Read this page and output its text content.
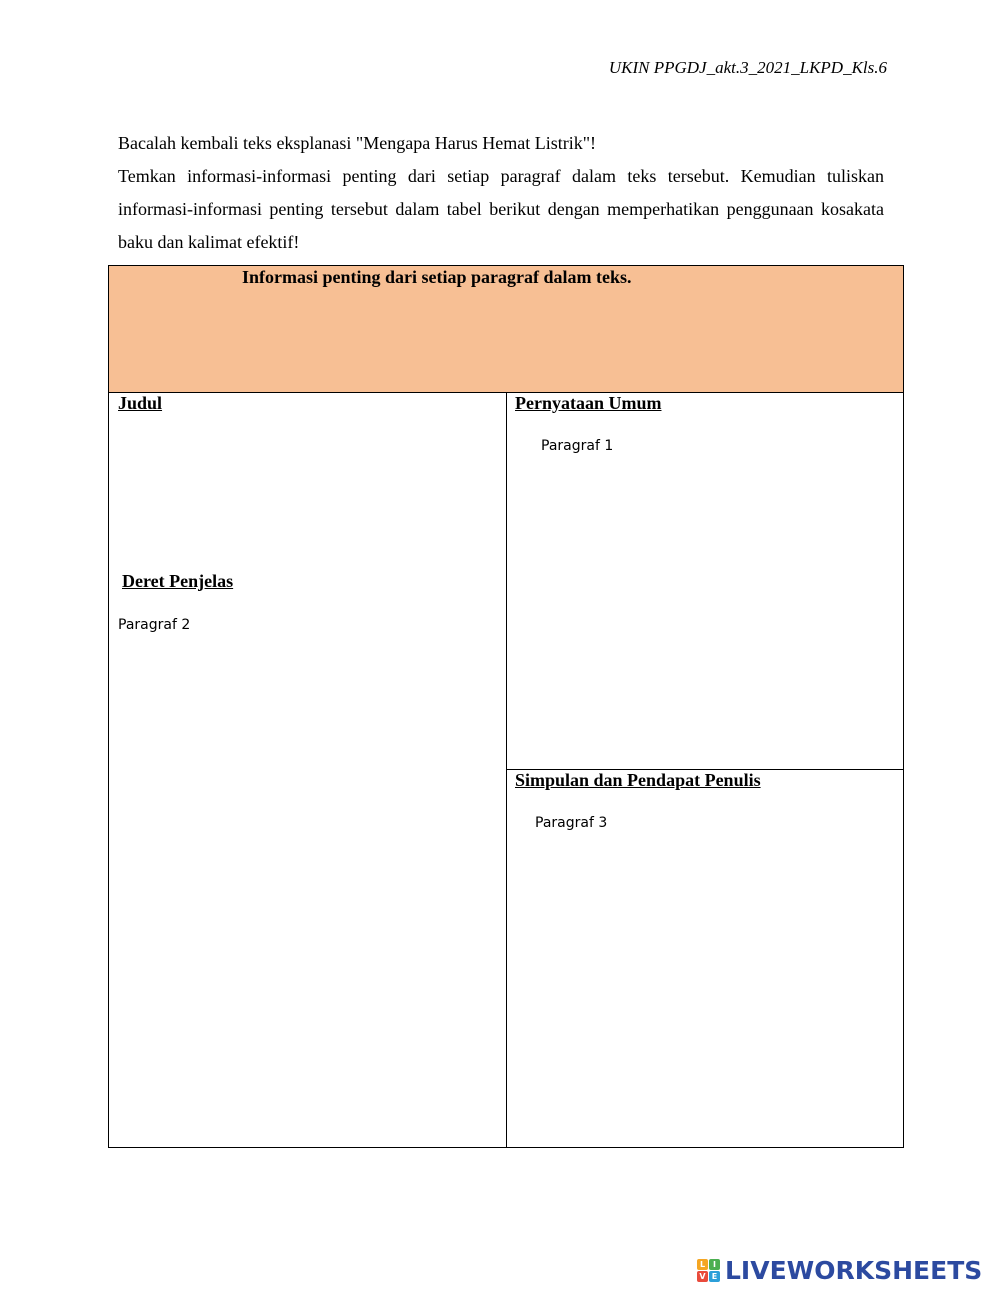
UKIN PPGDJ_akt.3_2021_LKPD_Kls.6

Bacalah kembali teks eksplanasi "Mengapa Harus Hemat Listrik"!

Temkan informasi-informasi penting dari setiap paragraf dalam teks tersebut. Kemudian tuliskan informasi-informasi penting tersebut dalam tabel berikut dengan memperhatikan penggunaan kosakata baku dan kalimat efektif!

Informasi penting dari setiap paragraf dalam teks.
Judul
Deret Penjelas
Paragraf 2
Pernyataan Umum
Paragraf 1
Simpulan dan Pendapat Penulis
Paragraf 3
L I
V E LIVEWORKSHEETS
